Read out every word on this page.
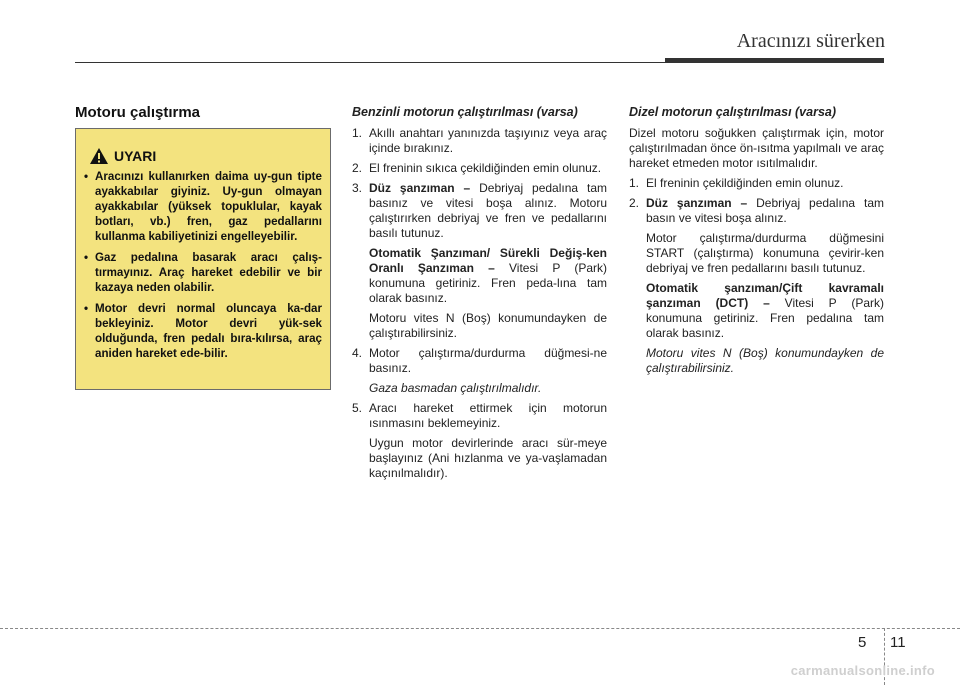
Aracınızı sürerken
Motoru çalıştırma
UYARI
• Aracınızı kullanırken daima uy-gun tipte ayakkabılar giyiniz. Uy-gun olmayan ayakkabılar (yüksek topuklular, kayak botları, vb.) fren, gaz pedallarını kullanma kabiliyetinizi engelleyebilir.
• Gaz pedalına basarak aracı çalış-tırmayınız. Araç hareket edebilir ve bir kazaya neden olabilir.
• Motor devri normal oluncaya ka-dar bekleyiniz. Motor devri yük-sek olduğunda, fren pedalı bıra-kılırsa, araç aniden hareket ede-bilir.
Benzinli motorun çalıştırılması (varsa)
1. Akıllı anahtarı yanınızda taşıyınız veya araç içinde bırakınız.
2. El freninin sıkıca çekildiğinden emin olunuz.
3. Düz şanzıman – Debriyaj pedalına tam basınız ve vitesi boşa alınız. Motoru çalıştırırken debriyaj ve fren ve pedallarını basılı tutunuz.
Otomatik Şanzıman/ Sürekli Değiş-ken Oranlı Şanzıman – Vitesi P (Park) konumuna getiriniz. Fren peda-lına tam olarak basınız.
Motoru vites N (Boş) konumundayken de çalıştırabilirsiniz.
4. Motor çalıştırma/durdurma düğmesi-ne basınız.
Gaza basmadan çalıştırılmalıdır.
5. Aracı hareket ettirmek için motorun ısınmasını beklemeyiniz.
Uygun motor devirlerinde aracı sür-meye başlayınız (Ani hızlanma ve ya-vaşlamadan kaçınılmalıdır).
Dizel motorun çalıştırılması (varsa)
Dizel motoru soğukken çalıştırmak için, motor çalıştırılmadan önce ön-ısıtma yapılmalı ve araç hareket etmeden motor ısıtılmalıdır.
1. El freninin çekildiğinden emin olunuz.
2. Düz şanzıman – Debriyaj pedalına tam basın ve vitesi boşa alınız.
Motor çalıştırma/durdurma düğmesini START (çalıştırma) konumuna çevirir-ken debriyaj ve fren pedallarını basılı tutunuz.
Otomatik şanzıman/Çift kavramalı şanzıman (DCT) – Vitesi P (Park) konumuna getiriniz. Fren pedalına tam olarak basınız.
Motoru vites N (Boş) konumundayken de çalıştırabilirsiniz.
5 11
carmanualsonline.info
